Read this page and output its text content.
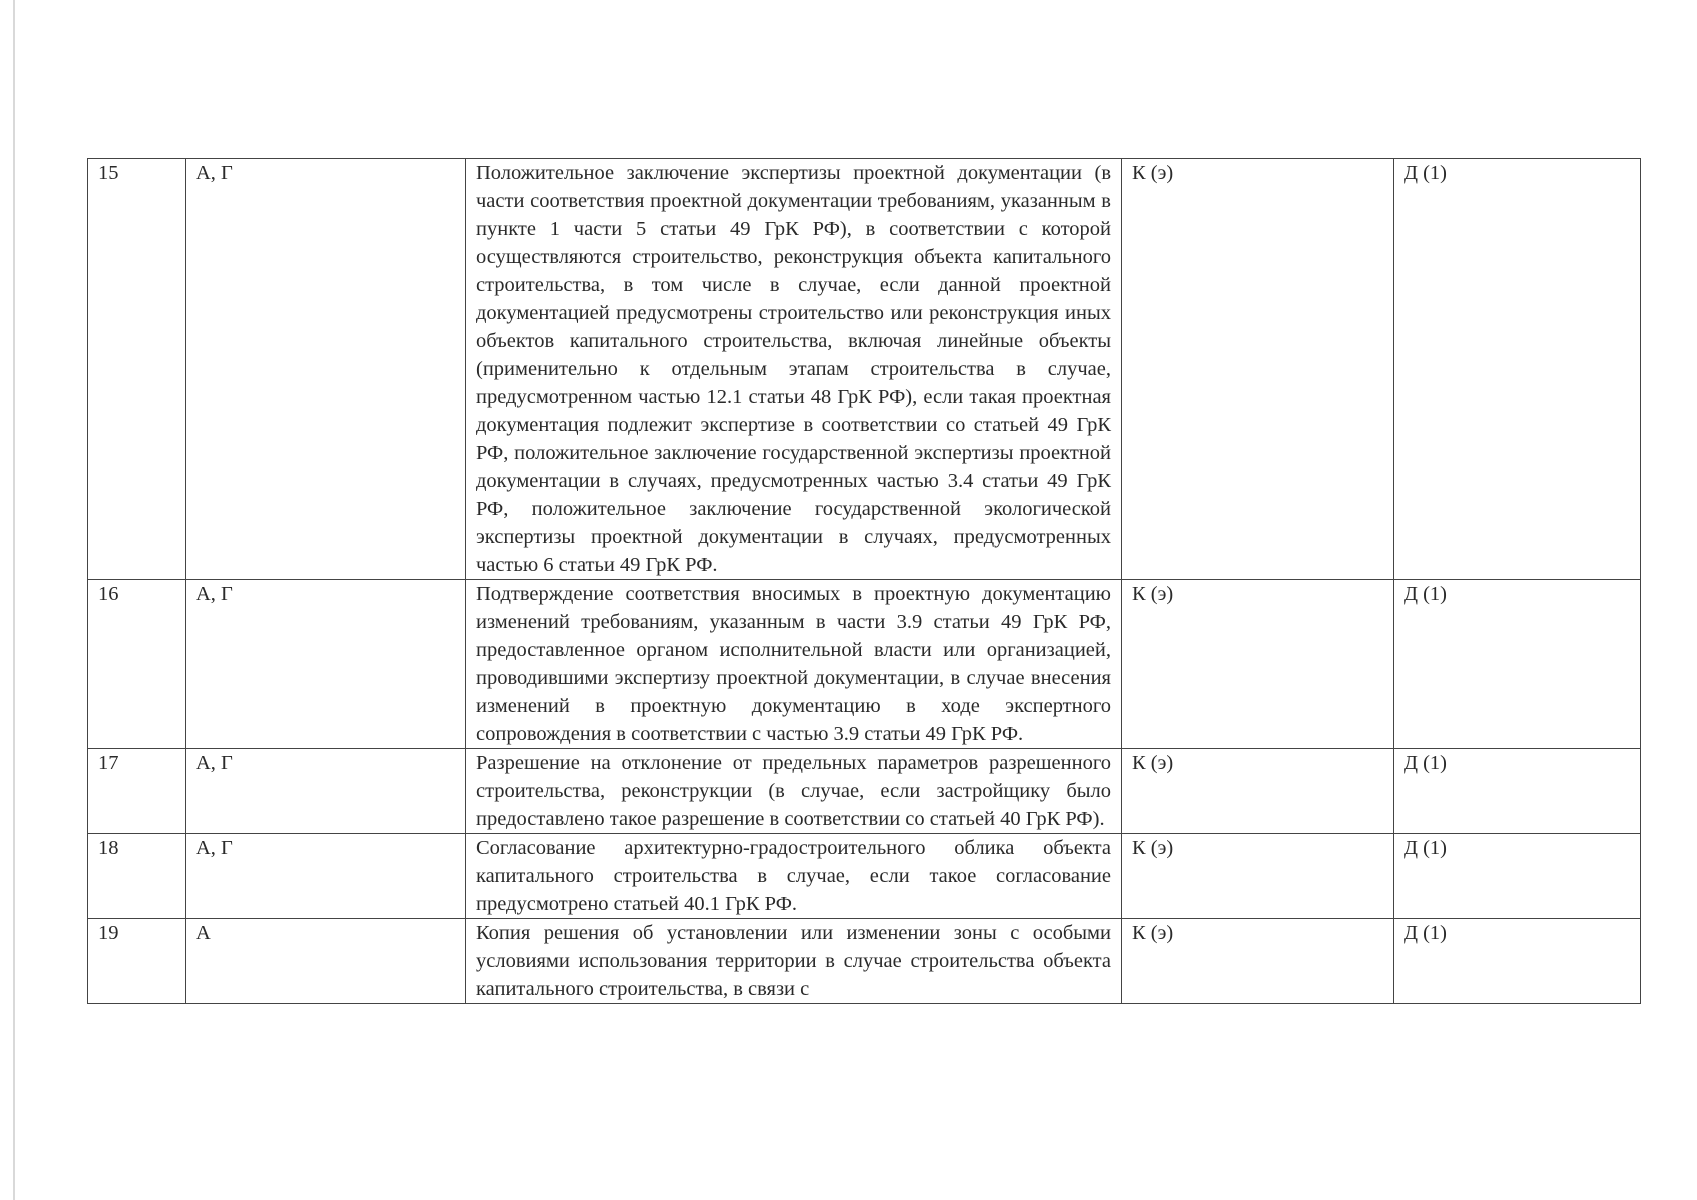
15	А, Г	Положительное заключение экспертизы проектной документации (в части соответствия проектной документации требованиям, указанным в пункте 1 части 5 статьи 49 ГрК РФ), в соответствии с которой осуществляются строительство, реконструкция объекта капитального строительства, в том числе в случае, если данной проектной документацией предусмотрены строительство или реконструкция иных объектов капитального строительства, включая линейные объекты (применительно к отдельным этапам строительства в случае, предусмотренном частью 12.1 статьи 48 ГрК РФ), если такая проектная документация подлежит экспертизе в соответствии со статьей 49 ГрК РФ, положительное заключение государственной экспертизы проектной документации в случаях, предусмотренных частью 3.4 статьи 49 ГрК РФ, положительное заключение государственной экологической экспертизы проектной документации в случаях, предусмотренных частью 6 статьи 49 ГрК РФ.	К (э)	Д (1)
16	А, Г	Подтверждение соответствия вносимых в проектную документацию изменений требованиям, указанным в части 3.9 статьи 49 ГрК РФ, предоставленное органом исполнительной власти или организацией, проводившими экспертизу проектной документации, в случае внесения изменений в проектную документацию в ходе экспертного сопровождения в соответствии с частью 3.9 статьи 49 ГрК РФ.	К (э)	Д (1)
17	А, Г	Разрешение на отклонение от предельных параметров разрешенного строительства, реконструкции (в случае, если застройщику было предоставлено такое разрешение в соответствии со статьей 40 ГрК РФ).	К (э)	Д (1)
18	А, Г	Согласование архитектурно-градостроительного облика объекта капитального строительства в случае, если такое согласование предусмотрено статьей 40.1 ГрК РФ.	К (э)	Д (1)
19	А	Копия решения об установлении или изменении зоны с особыми условиями использования территории в случае строительства объекта капитального строительства, в связи с	К (э)	Д (1)
